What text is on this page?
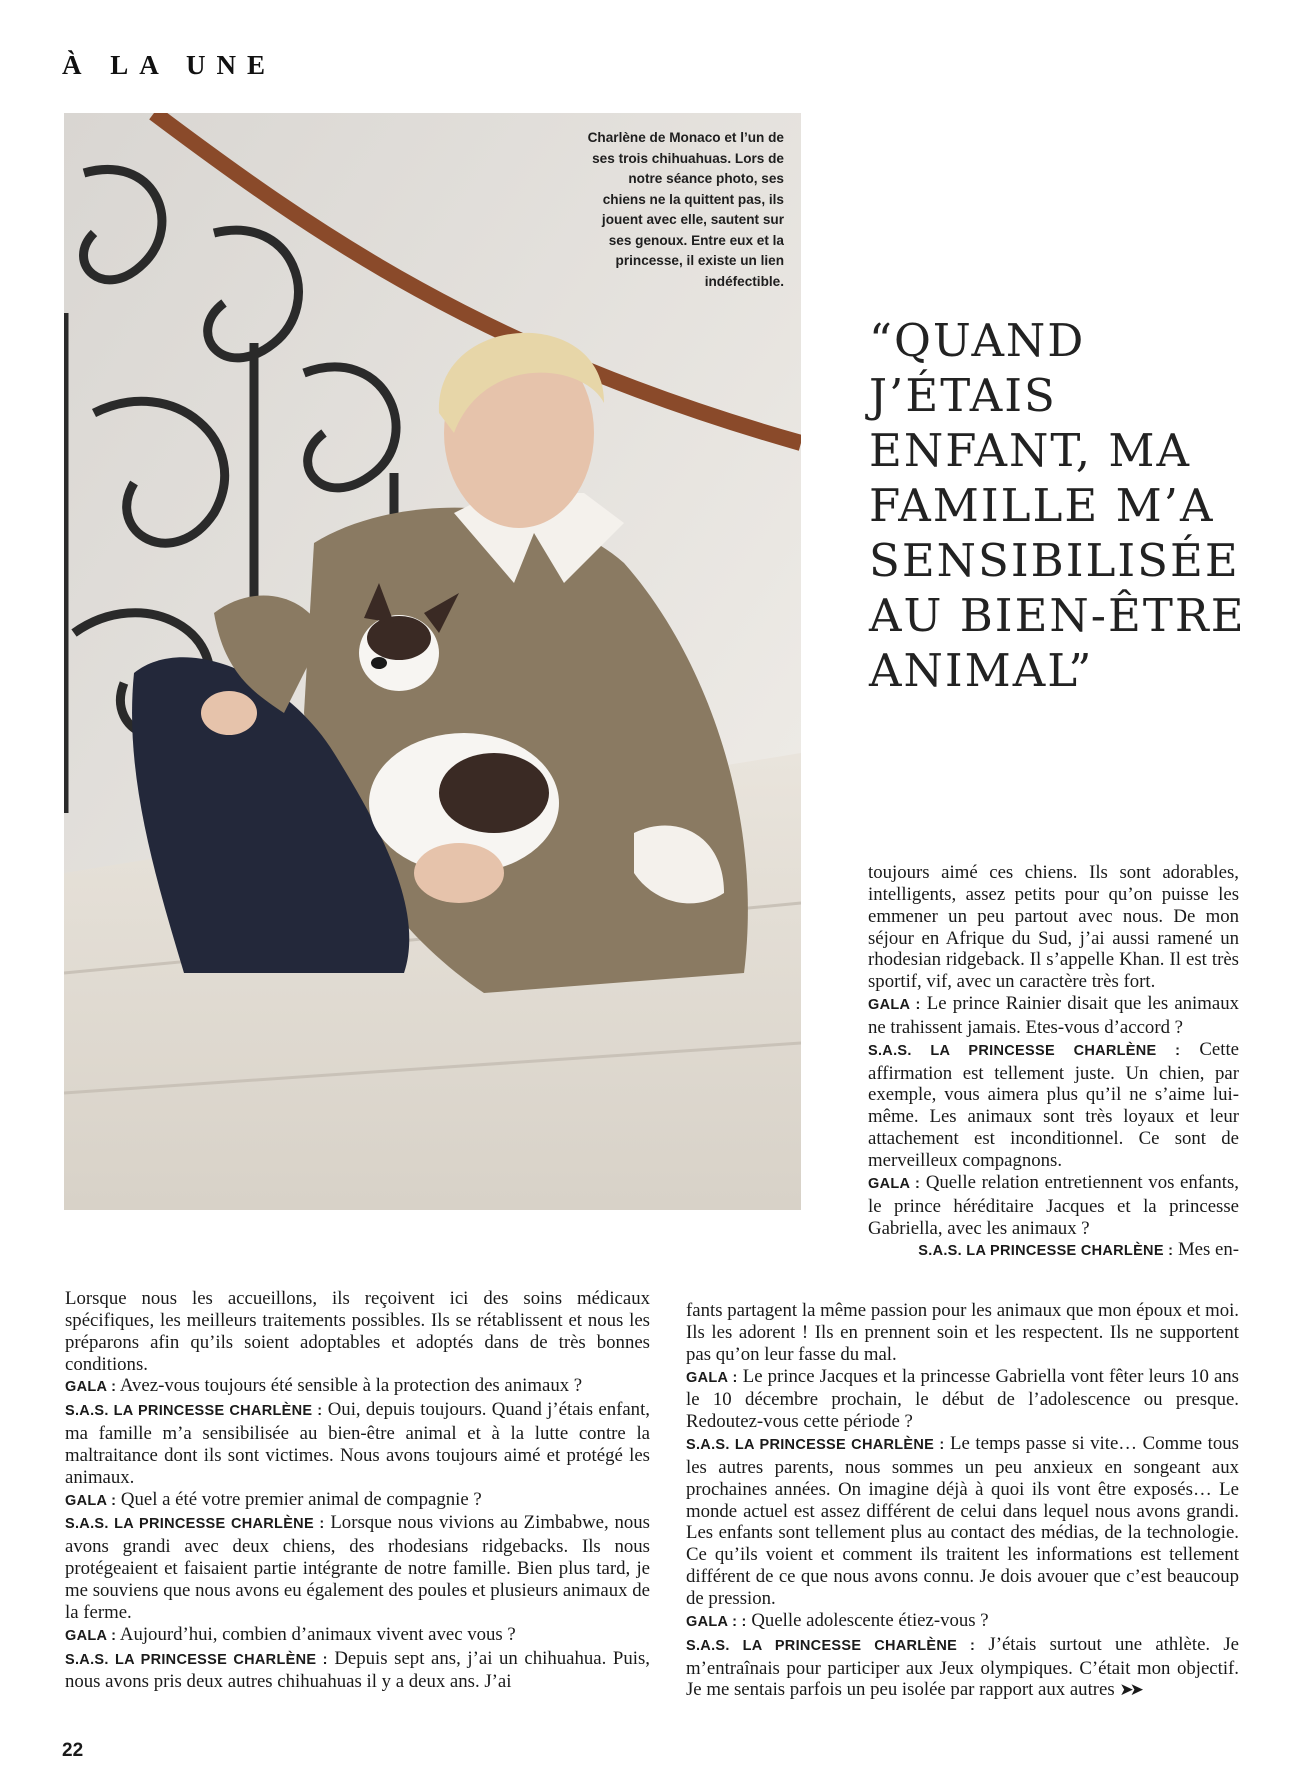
À LA UNE
Charlène de Monaco et l’un de ses trois chihuahuas. Lors de notre séance photo, ses chiens ne la quittent pas, ils jouent avec elle, sautent sur ses genoux. Entre eux et la princesse, il existe un lien indéfectible.
“QUAND J’ÉTAIS ENFANT, MA FAMILLE M’A SENSIBILISÉE AU BIEN-ÊTRE ANIMAL”

toujours aimé ces chiens. Ils sont adorables, intelligents, assez petits pour qu’on puisse les emmener un peu partout avec nous. De mon séjour en Afrique du Sud, j’ai aussi ramené un rhodesian ridgeback. Il s’appelle Khan. Il est très sportif, vif, avec un caractère très fort.

GALA : Le prince Rainier disait que les animaux ne trahissent jamais. Etes-vous d’accord ?

S.A.S. LA PRINCESSE CHARLÈNE : Cette affirmation est tellement juste. Un chien, par exemple, vous aimera plus qu’il ne s’aime lui-même. Les animaux sont très loyaux et leur attachement est inconditionnel. Ce sont de merveilleux compagnons.

GALA : Quelle relation entretiennent vos enfants, le prince héréditaire Jacques et la princesse Gabriella, avec les animaux ?

S.A.S. LA PRINCESSE CHARLÈNE : Mes en-

Lorsque nous les accueillons, ils reçoivent ici des soins médicaux spécifiques, les meilleurs traitements possibles. Ils se rétablissent et nous les préparons afin qu’ils soient adoptables et adoptés dans de très bonnes conditions.

GALA : Avez-vous toujours été sensible à la protection des animaux ?

S.A.S. LA PRINCESSE CHARLÈNE : Oui, depuis toujours. Quand j’étais enfant, ma famille m’a sensibilisée au bien-être animal et à la lutte contre la maltraitance dont ils sont victimes. Nous avons toujours aimé et protégé les animaux.

GALA : Quel a été votre premier animal de compagnie ?

S.A.S. LA PRINCESSE CHARLÈNE : Lorsque nous vivions au Zimbabwe, nous avons grandi avec deux chiens, des rhodesians ridgebacks. Ils nous protégeaient et faisaient partie intégrante de notre famille. Bien plus tard, je me souviens que nous avons eu également des poules et plusieurs animaux de la ferme.

GALA : Aujourd’hui, combien d’animaux vivent avec vous ?

S.A.S. LA PRINCESSE CHARLÈNE : Depuis sept ans, j’ai un chihuahua. Puis, nous avons pris deux autres chihuahuas il y a deux ans. J’ai

fants partagent la même passion pour les animaux que mon époux et moi. Ils les adorent ! Ils en prennent soin et les respectent. Ils ne supportent pas qu’on leur fasse du mal.

GALA : Le prince Jacques et la princesse Gabriella vont fêter leurs 10 ans le 10 décembre prochain, le début de l’adolescence ou presque. Redoutez-vous cette période ?

S.A.S. LA PRINCESSE CHARLÈNE : Le temps passe si vite… Comme tous les autres parents, nous sommes un peu anxieux en songeant aux prochaines années. On imagine déjà à quoi ils vont être exposés… Le monde actuel est assez différent de celui dans lequel nous avons grandi. Les enfants sont tellement plus au contact des médias, de la technologie. Ce qu’ils voient et comment ils traitent les informations est tellement différent de ce que nous avons connu. Je dois avouer que c’est beaucoup de pression.

GALA : : Quelle adolescente étiez-vous ?

S.A.S. LA PRINCESSE CHARLÈNE : J’étais surtout une athlète. Je m’entraînais pour participer aux Jeux olympiques. C’était mon objectif. Je me sentais parfois un peu isolée par rapport aux autres ➤➤

22
